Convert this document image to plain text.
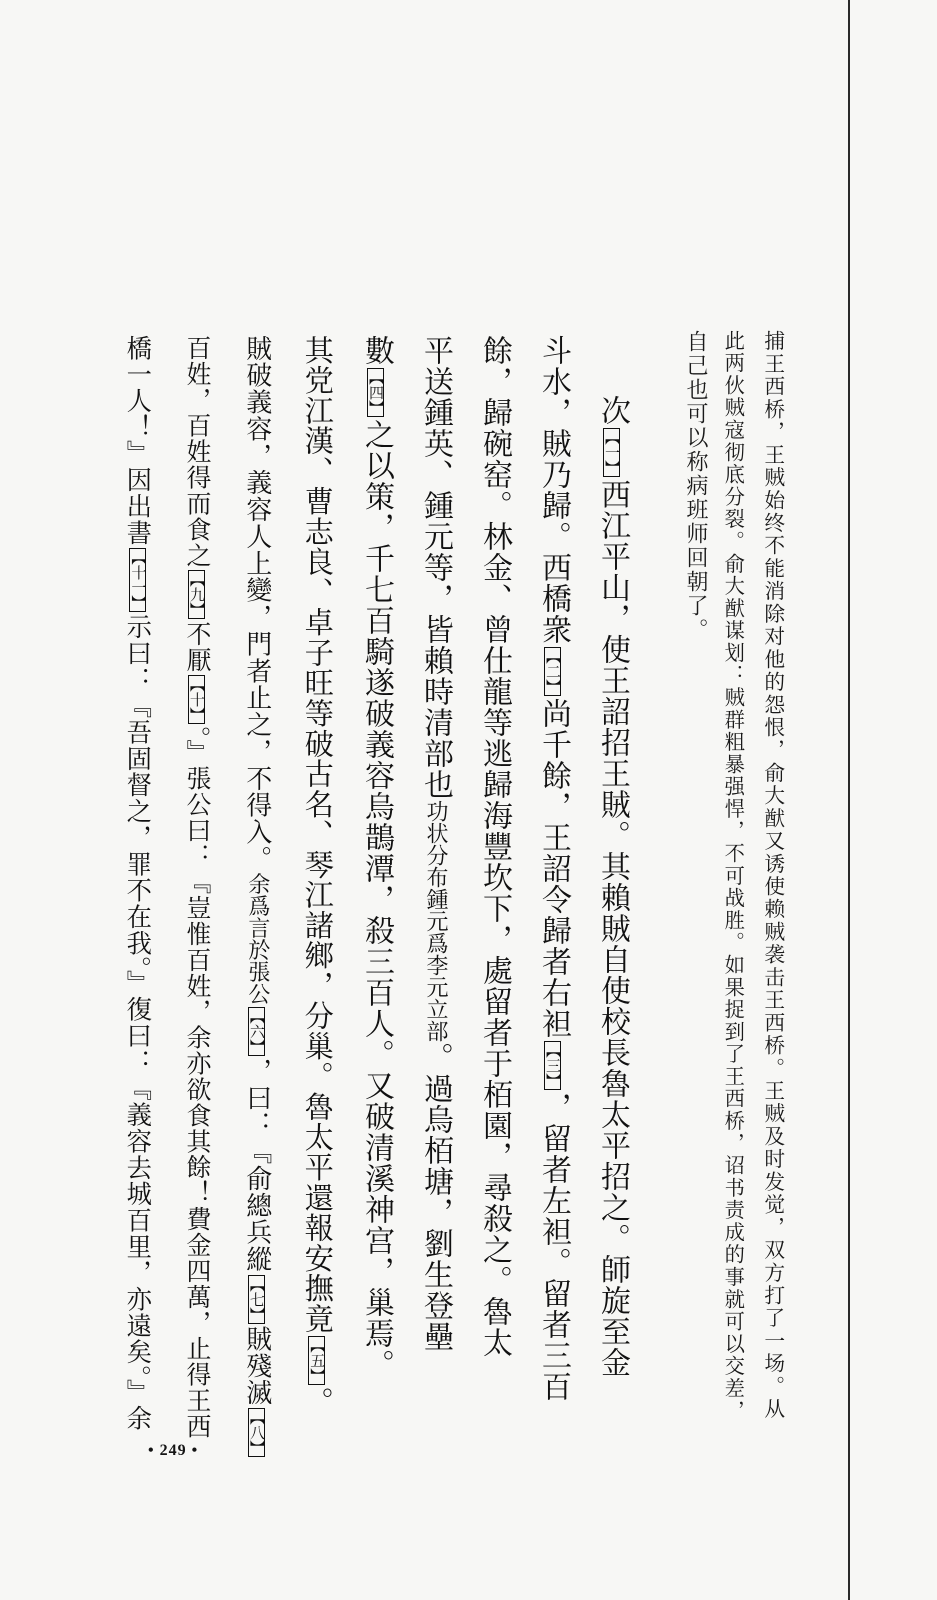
捕王西桥，王贼始终不能消除对他的怨恨，俞大猷又诱使赖贼袭击王西桥。王贼及时发觉，双方打了一场。从
此两伙贼寇彻底分裂。俞大猷谋划：贼群粗暴强悍，不可战胜。如果捉到了王西桥，诏书责成的事就可以交差，
自己也可以称病班师回朝了。
次【一】西江平山，使王詔招王賊。其賴賊自使校長魯太平招之。師旋至金
斗水，賊乃歸。西橋衆【二】尚千餘，王詔令歸者右袒【三】，留者左袒。留者三百
餘，歸碗窑。林金、曾仕龍等逃歸海豐坎下，處留者于栢園，尋殺之。魯太
平送鍾英、鍾元等，皆賴時清部也功状分布鍾元爲李元立部。過烏栢塘，劉生登壘
數【四】之以策，千七百騎遂破義容烏鵲潭，殺三百人。又破清溪神宫，巢焉。
其党江漢、曹志良、卓子旺等破古名、琴江諸鄉，分巢。魯太平還報安撫竟【五】。
賊破義容，義容人上變，門者止之，不得入。余爲言於張公【六】，曰：『俞總兵縱【七】賊殘滅【八】
百姓，百姓得而食之【九】不厭【十】。』張公曰：『豈惟百姓，余亦欲食其餘！費金四萬，止得王西
橋一人！』因出書【十一】示曰：『吾固督之，罪不在我。』復曰：『義容去城百里，亦遠矣。』余
• 249 •
